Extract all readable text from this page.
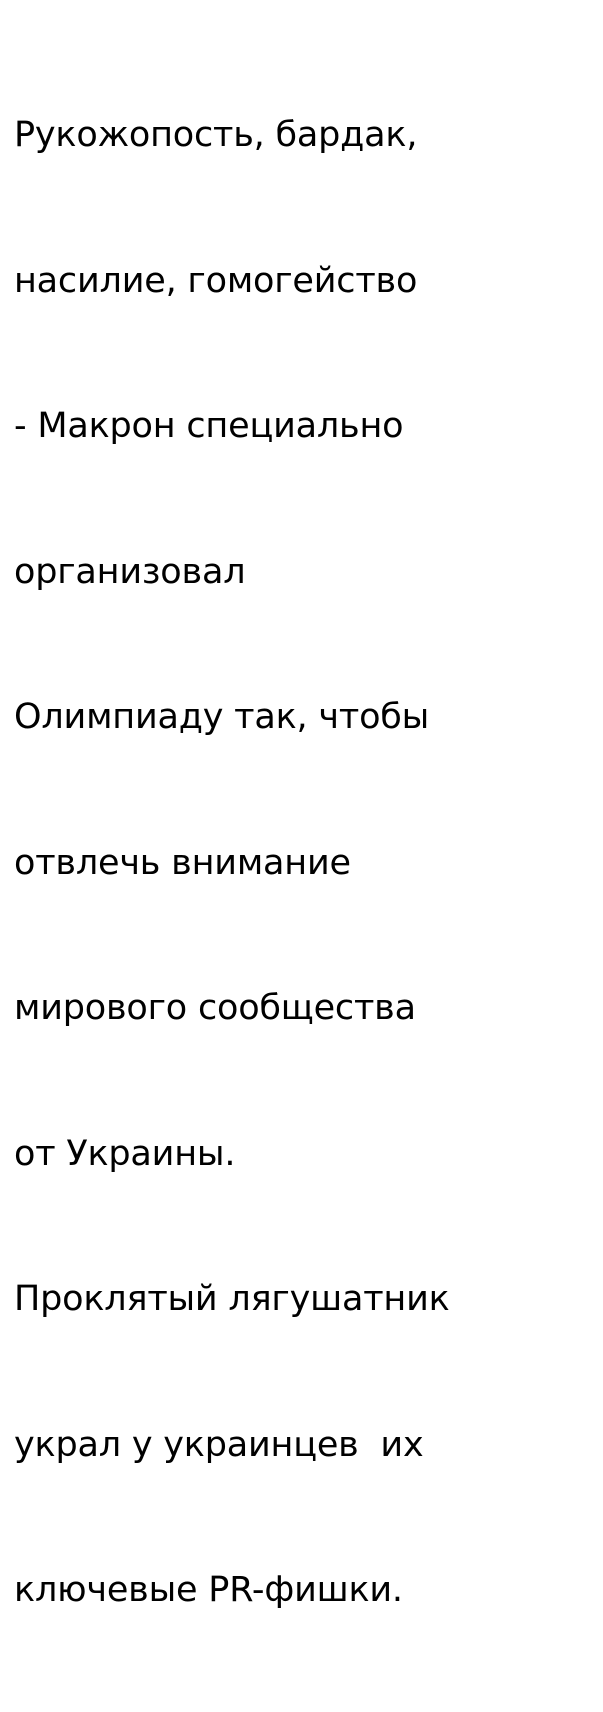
Рукожопость, бардак,

насилие, гомогейство

- Макрон специально

организовал

Олимпиаду так, чтобы

отвлечь внимание

мирового сообщества

от Украины.

Проклятый лягушатник

украл у украинцев  их

ключевые PR-фишки.
